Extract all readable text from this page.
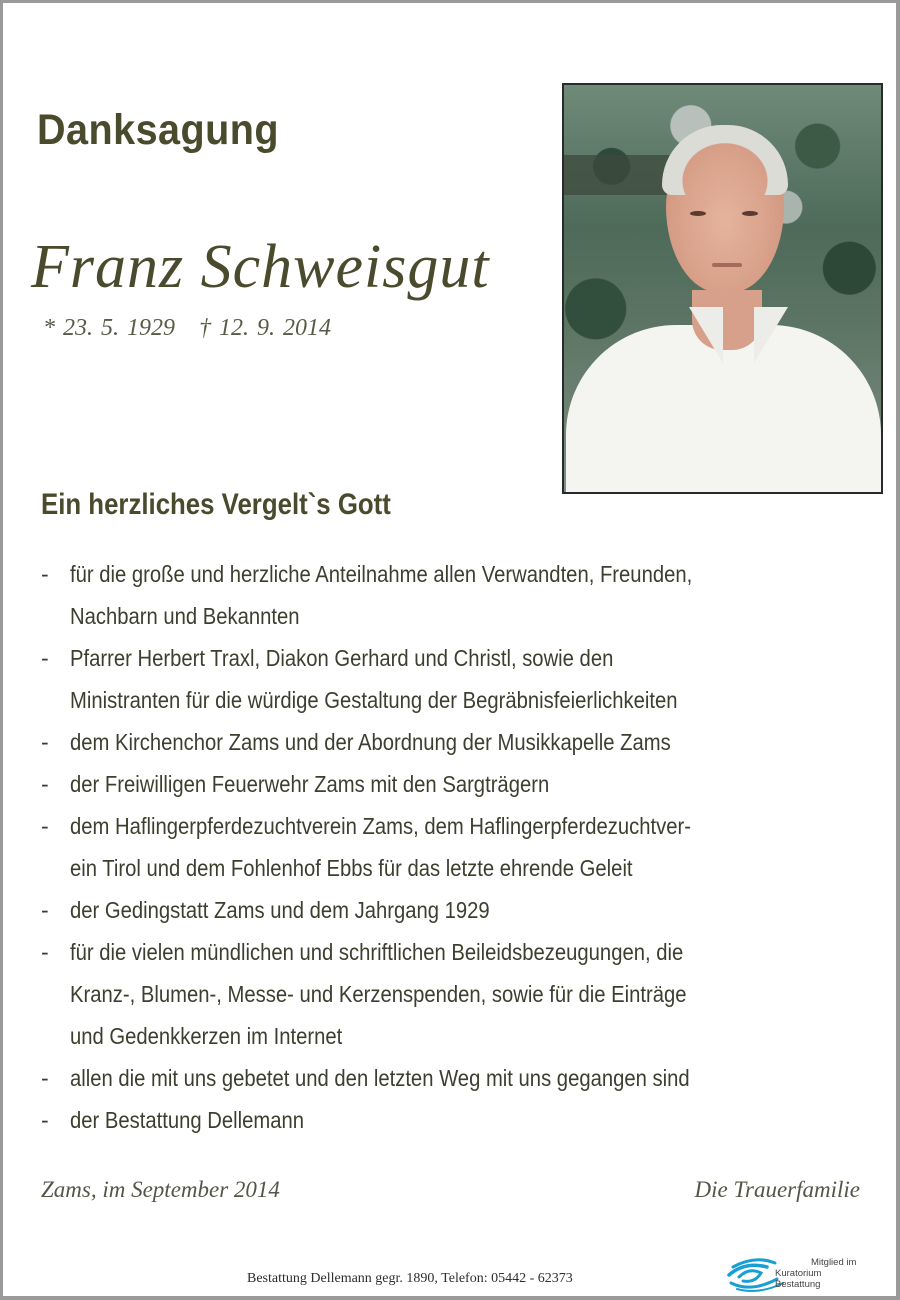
Danksagung
Franz Schweisgut
* 23. 5. 1929 † 12. 9. 2014
Ein herzliches Vergelt`s Gott
- für die große und herzliche Anteilnahme allen Verwandten, Freunden,
Nachbarn und Bekannten
- Pfarrer Herbert Traxl, Diakon Gerhard und Christl, sowie den
Ministranten für die würdige Gestaltung der Begräbnisfeierlichkeiten
- dem Kirchenchor Zams und der Abordnung der Musikkapelle Zams
- der Freiwilligen Feuerwehr Zams mit den Sargträgern
- dem Haflingerpferdezuchtverein Zams, dem Haflingerpferdezuchtver-
ein Tirol und dem Fohlenhof Ebbs für das letzte ehrende Geleit
- der Gedingstatt Zams und dem Jahrgang 1929
- für die vielen mündlichen und schriftlichen Beileidsbezeugungen, die
Kranz-, Blumen-, Messe- und Kerzenspenden, sowie für die Einträge
und Gedenkkerzen im Internet
- allen die mit uns gebetet und den letzten Weg mit uns gegangen sind
- der Bestattung Dellemann
Zams, im September 2014	Die Trauerfamilie
Bestattung Dellemann gegr. 1890, Telefon: 05442 - 62373
Mitglied im
Kuratorium Bestattung
